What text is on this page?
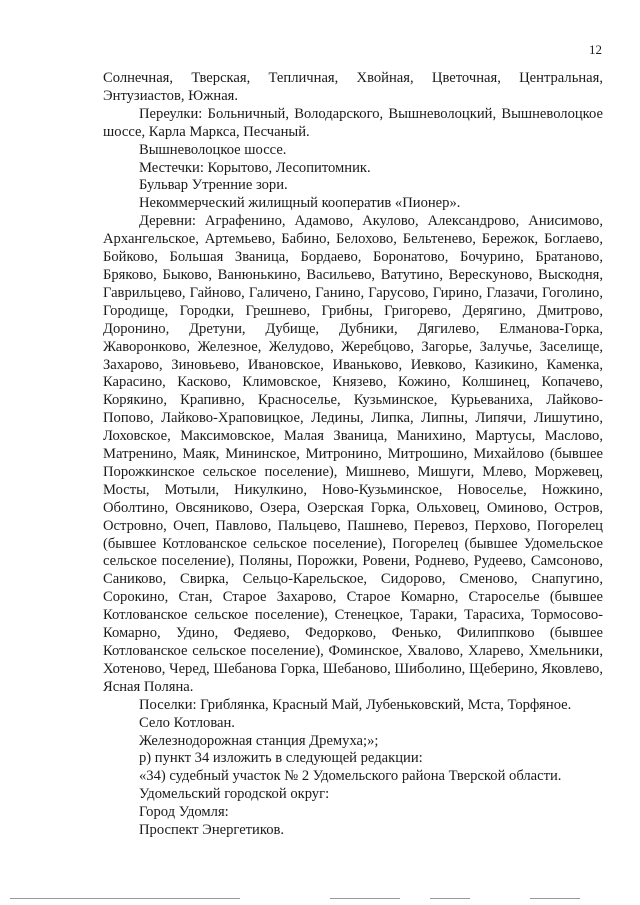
12

Солнечная, Тверская, Тепличная, Хвойная, Цветочная, Центральная, Энтузиастов, Южная.

Переулки: Больничный, Володарского, Вышневолоцкий, Вышневолоцкое шоссе, Карла Маркса, Песчаный.

Вышневолоцкое шоссе.

Местечки: Корытово, Лесопитомник.

Бульвар Утренние зори.

Некоммерческий жилищный кооператив «Пионер».

Деревни: Аграфенино, Адамово, Акулово, Александрово, Анисимово, Архангельское, Артемьево, Бабино, Белохово, Бельтенево, Бережок, Боглаево, Бойково, Большая Званица, Бордаево, Боронатово, Бочурино, Братаново, Бряково, Быково, Ванюнькино, Васильево, Ватутино, Верескуново, Выскодня, Гаврильцево, Гайново, Галичено, Ганино, Гарусово, Гирино, Глазачи, Гоголино, Городище, Городки, Грешнево, Грибны, Григорево, Дерягино, Дмитрово, Доронино, Дретуни, Дубище, Дубники, Дягилево, Елманова-Горка, Жаворонково, Железное, Желудово, Жеребцово, Загорье, Залучье, Заселище, Захарово, Зиновьево, Ивановское, Иваньково, Иевково, Казикино, Каменка, Карасино, Касково, Климовское, Князево, Кожино, Колшинец, Копачево, Корякино, Крапивно, Красноселье, Кузьминское, Курьеваниха, Лайково-Попово, Лайково-Храповицкое, Ледины, Липка, Липны, Липячи, Лишутино, Лоховское, Максимовское, Малая Званица, Манихино, Мартусы, Маслово, Матренино, Маяк, Мининское, Митронино, Митрошино, Михайлово (бывшее Порожкинское сельское поселение), Мишнево, Мишуги, Млево, Моржевец, Мосты, Мотыли, Никулкино, Ново-Кузьминское, Новоселье, Ножкино, Оболтино, Овсяниково, Озера, Озерская Горка, Ольховец, Оминово, Остров, Островно, Очеп, Павлово, Пальцево, Пашнево, Перевоз, Перхово, Погорелец (бывшее Котлованское сельское поселение), Погорелец (бывшее Удомельское сельское поселение), Поляны, Порожки, Ровени, Роднево, Рудеево, Самсоново, Саниково, Свирка, Сельцо-Карельское, Сидорово, Сменово, Снапугино, Сорокино, Стан, Старое Захарово, Старое Комарно, Староселье (бывшее Котлованское сельское поселение), Стенецкое, Тараки, Тарасиха, Тормосово-Комарно, Удино, Федяево, Федорково, Фенько, Филиппково (бывшее Котлованское сельское поселение), Фоминское, Хвалово, Хларево, Хмельники, Хотеново, Черед, Шебанова Горка, Шебаново, Шиболино, Щеберино, Яковлево, Ясная Поляна.

Поселки: Гриблянка, Красный Май, Лубеньковский, Мста, Торфяное.

Село Котлован.

Железнодорожная станция Дремуха;»;

р) пункт 34 изложить в следующей редакции:

«34) судебный участок № 2 Удомельского района Тверской области.

Удомельский городской округ:

Город Удомля:

Проспект Энергетиков.
